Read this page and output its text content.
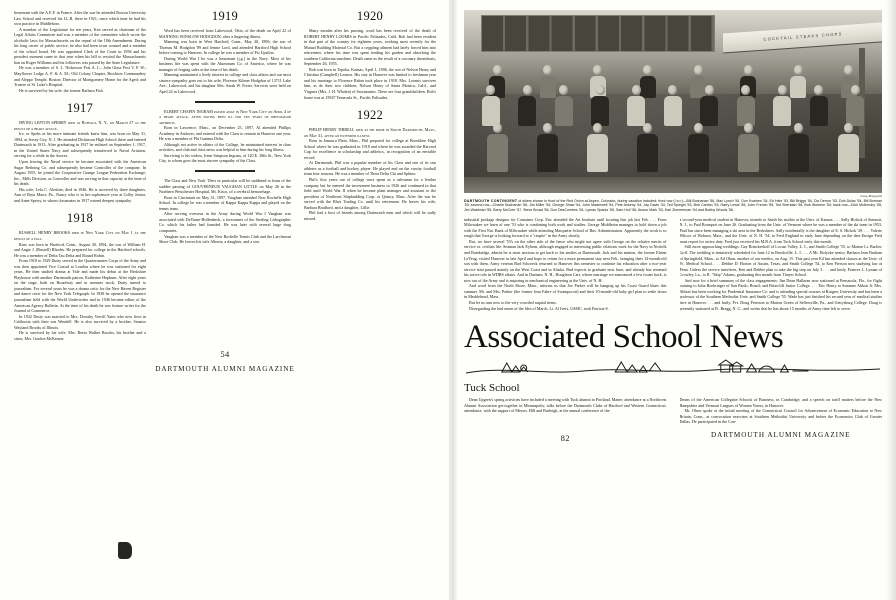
lieutenant with the A.E.F. in France. After the war he attended Boston University Law School and received his LL.B. there in 1921, since which time he had his own practice in Middleboro.

A member of the Legislature for ten years, Ken served as chairman of the Legal Affairs Committee and was a member of the committee which wrote the alcoholic laws for Massachusetts on the repeal of the 18th Amendment. During his long career of public service, he also had been town counsel and a member of the school board. He was appointed Clerk of the Court in 1956 and his proudest moment came in that year when his bill to rescind the Massachusetts ban on Roger Williams and his followers was passed by the State Legislature.

He was a member of S. L. Nickerson Post A. L.; John Glass Post V. F. W.; Mayflower Lodge A. F. & A. M.; Old Colony Chapter, Brockton Commandery and Aleppo Temple, Boston; Director of Montgomery Home for the Aged; and Trustee of St. Luke's Hospital.

He is survived by his wife, the former Barbara Fish.

1917

IRVING LEFTON SPERRY died at Buffalo, N. Y., on March 27 as the result of a heart attack.

Irv, or Spebs as his more intimate friends knew him, was born on May 31, 1894, at Jersey City, N. J. He attended Dickinson High School there and entered Dartmouth in 1913. After graduating in 1917 he enlisted on September 1, 1917, in the United States Navy and subsequently transferred to Naval Aviation, serving for a while in the Azores.

Upon leaving the Naval service he became associated with the American Sugar Refining Co. and subsequently became Controller of the company. In August 1955, he joined the Cooperative Grange League Federation Exchange, Inc., Mills Division, as Controller and was serving in that capacity at the time of his death.

His wife, Lela C. Aleshire, died in 1946. He is survived by three daughters, Ann of Bryn Mawr, Pa., Nancy who is in her sophomore year at Colby Junior, and Anne Sperry, to whom classmates in 1917 extend deepest sympathy.

1918

RUSSELL HENRY BROOKS died in New York City on May 1 as the result of a fall.

Russ was born in Hartford, Conn., August 30, 1894, the son of William H. and Angie J. (Russell) Rhodes. He prepared for college in the Hartford schools. He was a member of Delta Tau Delta and Round Robin.

From 1918 to 1929 Dusty served in the Quartermaster Corps of the Army and was then appointed Vice Consul at London where he was stationed for eight years. He then studied drama at Yale and made his debut at the Berkshire Playhouse with another Dartmouth patron, Katherine Hepburn. After eight years on the stage, both on Broadway and in summer stock, Dusty turned to journalism. For several years he was a drama critic for the New Haven Register and dance critic for the New York Telegraph. In 1938 he opened the insurance journalism field with the World Underwriter and in 1946 became editor of the American Agency Bulletin. At the time of his death he was feature writer for the Journal of Commerce.

In 1932 Dusty was married to Mrs. Dorothy Vercill Yates who now lives in California with their son Wendell. He is also survived by a brother, Senator Wayland Brooks of Illinois.

He is survived by his wife, Mrs. Reeta Walker Brooks, his brother and a sister, Mrs. Gordon McKenzie.

1919

Word has been received from Lakewood, Ohio, of the death on April 22 of MANNING WINSLOW HODGDON, after a lingering illness.

Manning was born in West Hartford, Conn., May 20, 1896, the son of Thomas M. Hodgdon '89 and Jennie Lord, and attended Hartford High School before coming to Hanover. In college he was a member of Psi Upsilon.

During World War I he was a lieutenant (j.g.) in the Navy. Most of his business life was spent with the Aluminum Co. of America, where he was manager of forging sales at the time of his death.

Manning maintained a lively interest in college and class affairs and our most sincere sympathy goes out to his wife, Florence Kilmer Hodgdon of 13711 Lake Ave., Lakewood, and his daughter Mrs. Sarah W. Porter. Services were held on April 24 in Lakewood.

ELBERT CHAPIN INGRAM passed away in New York City on April 4 of a heart attack, after having been ill for ten years of rheumatoid arthritis.

Born in Lawrence, Mass., on December 25, 1897, Al attended Phillips Academy in Andover, and entered with the Class to remain in Hanover one year. He was a member of Phi Gamma Delta.

Although not active in affairs of the College, he maintained interest in class activities, and club and class news was helpful to him during his long illness.

Surviving is his widow, Irene Simpson Ingram, of 120 E. 28th St., New York City, to whom goes the most sincere sympathy of the Class.

The Class and New York '19ers in particular will be saddened to learn of the sudden passing of GOUVERNEUR VAUGHAN LITTLE on May 26 in the Northern Westchester Hospital, Mt. Kisco, of a cerebral hemorrhage.

Born in Cincinnati on May 31, 1897, Vaughan attended New Rochelle High School. In college he was a member of Kappa Kappa Kappa and played on the tennis team.

After serving overseas in the Army during World War I Vaughan was associated with DeVinne-Hollenbeck, a forerunner of the Sterling Lithographic Co. which his father had founded. He was later with several large drug companies.

Vaughan was a member of the New Rochelle Tennis Club and the Larchmont Shore Club. He leaves his wife Alberta, a daughter, and a son.

1920

Many months after his passing, word has been received of the death of ROBERT HENRY LOOMIS in Pacific Palisades, Calif. Bob had been resident in that part of the country for eighteen years, working most recently for the Mutual Building Material Co. But a crippling ailment had lately forced him into retirement, where his time was spent tending his garden and absorbing the southern California sunshine. Death came as the result of a coronary thrombosis, September 26, 1955.

Bob was born in Topeka, Kansas, April 1, 1896, the son of Nelson Henry and Christina (Campbell) Loomis. His stay in Hanover was limited to freshman year and his marriage to Florence Rahm took place in 1918. Mrs. Loomis survives him, as do their two children, Nelson Henry of Santa Monica, Calif., and Virginia (Mrs. J. H. Whalen) of Sacramento. There are four grandchildren. Bob's home was at 15947 Temecula St., Pacific Palisades.

1922

PHILIP HENRY TIRRELL died at his home in South Dartmouth, Mass., on May 31, after an extended illness.

Born in Jamaica Plain, Mass., Phil prepared for college at Brookline High School where he was graduated in 1918 and where he was awarded the Harvard Cup for excellence in scholarship and athletics, in recognition of an enviable record.

At Dartmouth, Phil was a popular member of his Class and one of its star athletes as a football and hockey player. He played end on the varsity football team four seasons. He was a member of Theta Delta Chi and Sphinx.

Phil's first years out of college were spent as a salesman for a leather company but he entered the investment business in 1926 and continued in that field until World War II when he became plant manager and assistant to the president of Northeast Shipbuilding Corp. at Quincy, Mass. After the war he served with the Blair Trading Co. until his retirement. He leaves his wife, Barbara Bradford, and a daughter, Lillie.

Phil had a host of friends among Dartmouth men and which will be sadly missed.

54
DARTMOUTH ALUMNI MAGAZINE
COCKTAIL STEAKS CHOPS
Lang Ringquist
DARTMOUTH CONTINGENT of skiers shown in front of the Red Onion at Aspen, Colorado, during vacation included: front row (l to r)—Bill Buchanan '56, Mac Lynch '54, Don Kvalnes '34, Ed Hale '53, Bill Briggs '54, Diz Derron '53, Dob Dulac '54, Bill Borman '53; second row—Charlie Buchanan '56, Jim Miller '54, George Shaw '54, John Maderwell '54, Pete Ankeny '54, Jay Davis '34, Ted Spiegel '53, Bob Carlton '53, Harry Lewis '55, John French '55, Ted Sheridan '56, Bob Workem '54; back row—Dick McKendry '55, Jim Waldman '55, Barry McCree '57, Steve Broad '56, Don DesCombes '54, Lyman Sparks '55, Sam Hull '56, Anson Mark '53, Karl Zimmerman '54 and Bobby Woods '56.

industrial package designer for Container Corp. Eric attended the Art Institute until locating this job last Feb. . . . From Milwaukee we learn of one '53 who is combining both work and studies. George Middleton manages to hold down a job with the First Nat. Bank of Milwaukee while attending Marquette School of Bus. Administration. Apparently the work is so rough that George is looking forward to a "respite" in the Army shortly.

But, we have several '53's on the other side of the fence who might not agree with George on the relative merits of service vs. civilian life. Seaman Jack Eyhorn, although engaged in interesting public relations work for the Navy in Norfolk and Bainbridge, admits he is most anxious to get back to his studies at Dartmouth. Jack and his minion, the former Elaine LeVeug, visited Hanover in late April and hope to return for a more permanent stay next Feb., bringing their 14-month-old son with them. Army veteran Bud Schoreck returned to Hanover this semester to continue his education after a two-year service stint passed mainly on the West Coast and in Alaska. Bud expects to graduate next June, and already has resumed his active role in WDBS affairs. And in Durham, N. H., Houghton Carr, whose marriage we announced a few issues back, is now out of the Army and is majoring in mechanical engineering at the Univ. of N. H.

And word from the North Shore, Mass., informs us that Joe Parker will be hanging up his Coast Guard blues this summer. Mr. and Mrs. Parker (the former Jean Fabre of Swampscott) and their 10-month-old baby girl plan to settle down in Marblehead, Mass.

But let us turn now to the very crowded nuptial items.

Disregarding the bad omen of the Ides of March, Lt. Al Ivers, USMC, took Patricia S.

a second-year medical student in Hanover, intends to finish his studies at the Univ. of Kansas. . . . Sally Hickok of Summit, N. J., to Paul Bousquet on June 26. Graduating from the Univ. of Vermont where he was a member of the ski team in 1953, Paul has since been managing a ski area in the Berkshires. Sally incidentally is the daughter of E. S. Hickok '29. . . . Valerie Wilcox of Woburn, Mass., and the Univ. of N. H. '54, to Fred England in early June depending on the date Ensign Fred must report for active duty. Fred just received his M.B.A. from Tuck School early this month.

Still more approaching weddings: Gay Brinckerhoff of Locust Valley, L. I., and Smith College '55, to Marine Lt. Barlow Goff. The wedding is tentatively scheduled for June 12 in Brookville, L. I. . . . A Mt. Holyoke senior, Barbara Jean Braham of Springfield, Mass., to Ed Okun, another of our medics, on Aug. 15. This past year Ed has attended classes at the Univ. of Vt. Medical School. . . . Debbie D. Horton of Austin, Texas, and Smith College '54, to Ken Pierson now studying law at Penn. Unless the service interferes, Ken and Debbie plan to take the big step on July 3 . . . and lastly, Frances L. Lyman of Crowley, La., to R. "Skip" Adams, graduating this month from Thayer School.

And now for a brief summary of the class engagements: Jim Dean Hallaran now stationed at Pensacola, Fla., for flight training to Julia Boehringer of San Pardo, Brazil; and Briarcliff Junior College. . . . Eric Henry to Suzanne Abbott Jr. Mrs. Abbott has been working for Prudential Insurance Co. and is attending special courses at Rutgers University and has been a professor of the Southern Methodist Univ. and Smith College '55. Wade has just finished his second year of medical studies here in Hanover . . . and lastly, Pvt. Doug Peterson to Marion Green of Sellersville, Pa., and Gettysburg College. Doug is presently stationed at Ft. Bragg, N. C., and writes that he has about 15 months of Army time left to serve.

Associated School News
Tuck School

Dean Upgren's spring activities have included a meeting with Tuck alumni in Portland, Maine; attendance at a Northwest Alumni Association get-together in Minneapolis; talks before the Dartmouth Clubs of Hartford and Western Connecticut; attendance, with the support of Messrs. Hill and Burleigh, at the annual conference of the

Deans of the American Collegiate Schools of Business, in Cambridge; and a speech on tariff matters before the New Hampshire and Vermont Leagues of Women Voters, in Hanover.

Mr. Olsen spoke at the initial meeting of the Connecticut Council for Advancement of Economic Education at New Britain, Conn., at convocation exercises at Southern Methodist University and before the Economics Club of Greater Dallas. He participated in the Con-

82	DARTMOUTH ALUMNI MAGAZINE
